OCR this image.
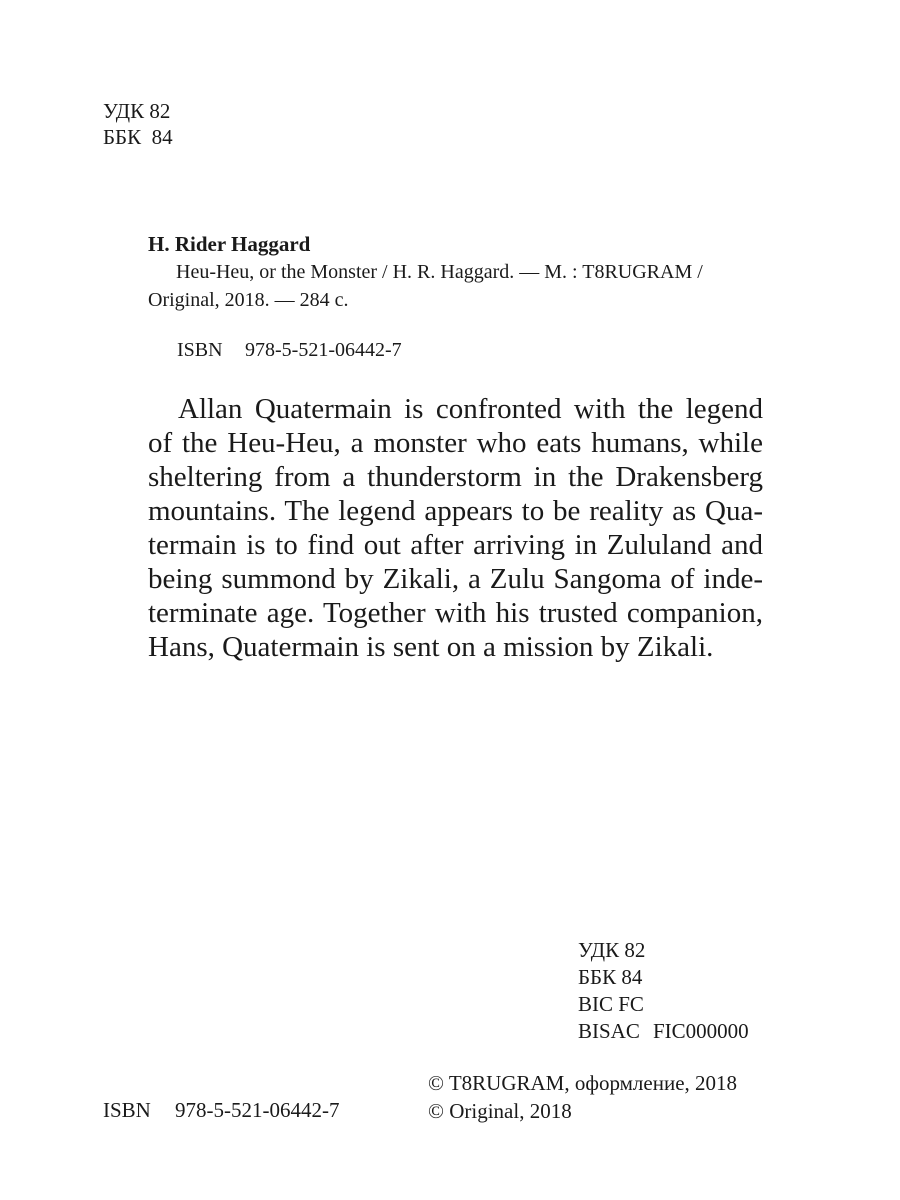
УДК 82
ББК  84
H. Rider Haggard
Heu-Heu, or the Monster / H. R. Haggard. — M. : T8RUGRAM /
Original, 2018. — 284 с.
ISBN 978-5-521-06442-7
Allan Quatermain is confronted with the legend
of the Heu-Heu, a monster who eats humans, while
sheltering from a thunderstorm in the Drakensberg
mountains. The legend appears to be reality as Qua-
termain is to find out after arriving in Zululand and
being summond by Zikali, a Zulu Sangoma of inde-
terminate age. Together with his trusted companion,
Hans, Quatermain is sent on a mission by Zikali.
УДК 82
ББК 84
BIC FC
BISAC FIC000000
ISBN 978-5-521-06442-7
© T8RUGRAM, оформление, 2018
© Original, 2018
